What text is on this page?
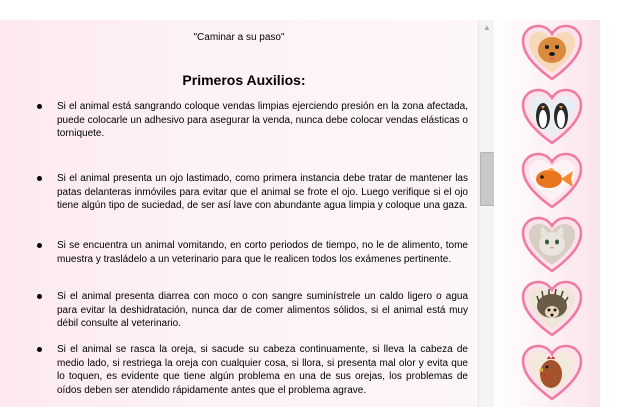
"Caminar a su paso"
Primeros Auxilios:
Si el animal está sangrando coloque vendas limpias ejerciendo presión en la zona afectada, puede colocarle un adhesivo para asegurar la venda, nunca debe colocar vendas elásticas o torniquete.
Si el animal presenta un ojo lastimado, como primera instancia debe tratar de mantener las patas delanteras inmóviles para evitar que el animal se frote el ojo. Luego verifique si el ojo tiene algún tipo de suciedad, de ser así lave con abundante agua limpia y coloque una gaza.
Si se encuentra un animal vomitando, en corto periodos de tiempo, no le de alimento, tome muestra y trasládelo a un veterinario para que le realicen todos los exámenes pertinente.
Si el animal presenta diarrea con moco o con sangre suminístrele un caldo ligero o agua para evitar la deshidratación, nunca dar de comer alimentos sólidos, si el animal está muy débil consulte al veterinario.
Si el animal se rasca la oreja, si sacude su cabeza continuamente, si lleva la cabeza de medio lado, si restriega la oreja con cualquier cosa, si llora, si presenta mal olor y evita que lo toquen, es evidente que tiene algún problema en una de sus orejas, los problemas de oídos deben ser atendido rápidamente antes que el problema agrave.
▲
